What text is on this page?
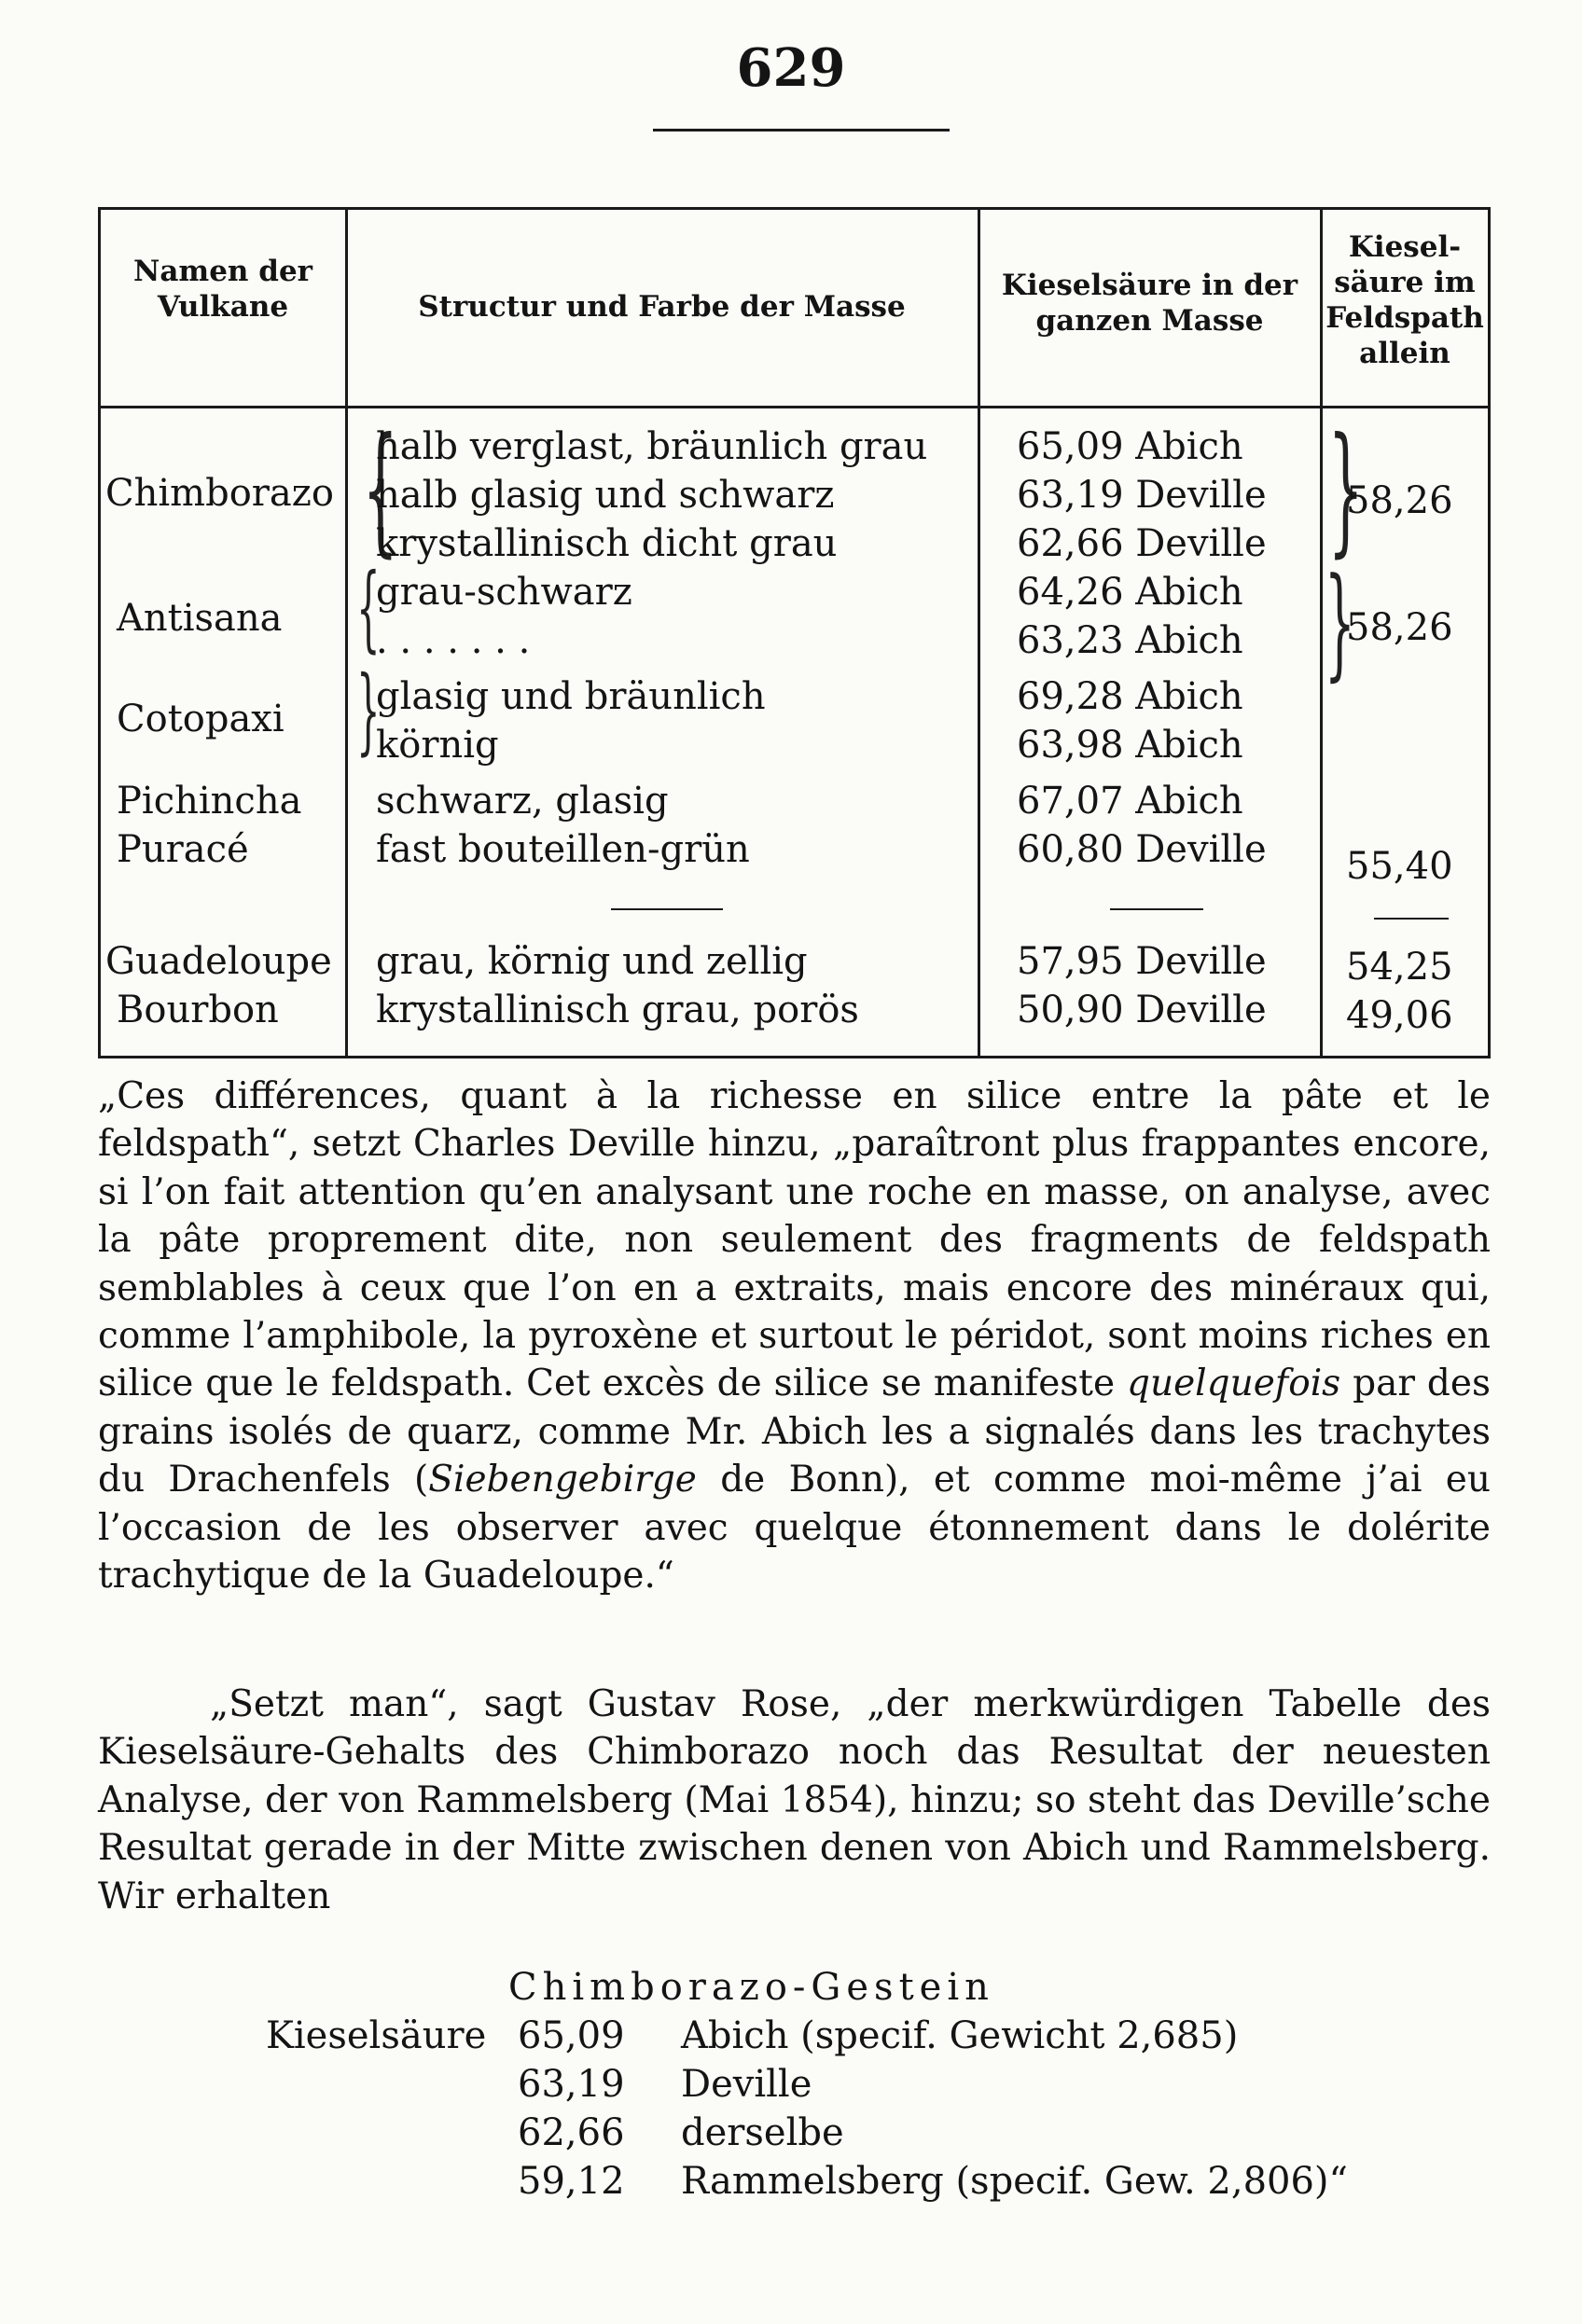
629
Namen der Vulkane	Structur und Farbe der Masse
Kieselsäure in der ganzen Masse
Kiesel-säure im Feldspath allein
Chimborazo
Antisana
Cotopaxi
Pichincha
Puracé
Guadeloupe
Bourbon
{
{
}
}
}
halb verglast, bräunlich grau
halb glasig und schwarz
krystallinisch dicht grau
grau-schwarz
. . . . . . .
glasig und bräunlich
körnig
schwarz, glasig
fast bouteillen-grün
grau, körnig und zellig
krystallinisch grau, porös
65,09 Abich
63,19 Deville
62,66 Deville
64,26 Abich
63,23 Abich
69,28 Abich
63,98 Abich
67,07 Abich
60,80 Deville
57,95 Deville
50,90 Deville
58,26
58,26
55,40
54,25
49,06

„Ces différences, quant à la richesse en silice entre la pâte et le feldspath“, setzt Charles Deville hinzu, „paraîtront plus frappantes encore, si l’on fait attention qu’en analysant une roche en masse, on analyse, avec la pâte proprement dite, non seulement des fragments de feldspath semblables à ceux que l’on en a extraits, mais encore des minéraux qui, comme l’amphibole, la pyroxène et surtout le péridot, sont moins riches en silice que le feldspath. Cet excès de silice se manifeste quelquefois par des grains isolés de quarz, comme Mr. Abich les a signalés dans les trachytes du Drachenfels (Siebengebirge de Bonn), et comme moi-même j’ai eu l’occasion de les observer avec quelque étonnement dans le dolérite trachytique de la Guadeloupe.“

„Setzt man“, sagt Gustav Rose, „der merkwürdigen Tabelle des Kieselsäure-Gehalts des Chimborazo noch das Resultat der neuesten Analyse, der von Rammelsberg (Mai 1854), hinzu; so steht das Deville’sche Resultat gerade in der Mitte zwischen denen von Abich und Rammelsberg. Wir erhalten

Chimborazo-Gestein
Kieselsäure 65,09 Abich (specif. Gewicht 2,685)
63,19 Deville
62,66 derselbe
59,12 Rammelsberg (specif. Gew. 2,806)“
